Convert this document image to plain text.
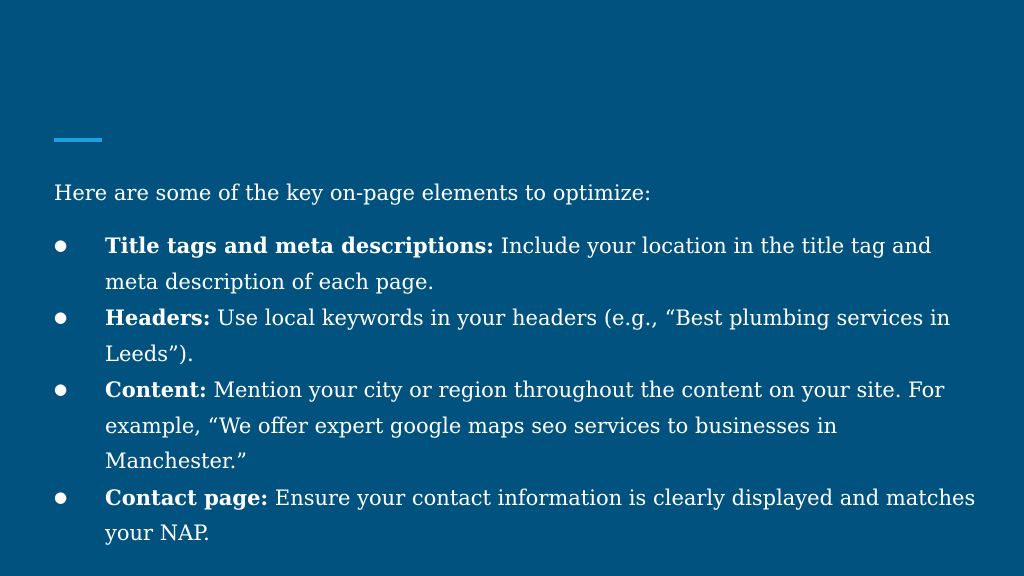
Here are some of the key on-page elements to optimize:

●	Title tags and meta descriptions: Include your location in the title tag and meta description of each page.
●	Headers: Use local keywords in your headers (e.g., “Best plumbing services in Leeds”).
●	Content: Mention your city or region throughout the content on your site. For example, “We offer expert google maps seo services to businesses in Manchester.”
●	Contact page: Ensure your contact information is clearly displayed and matches your NAP.
